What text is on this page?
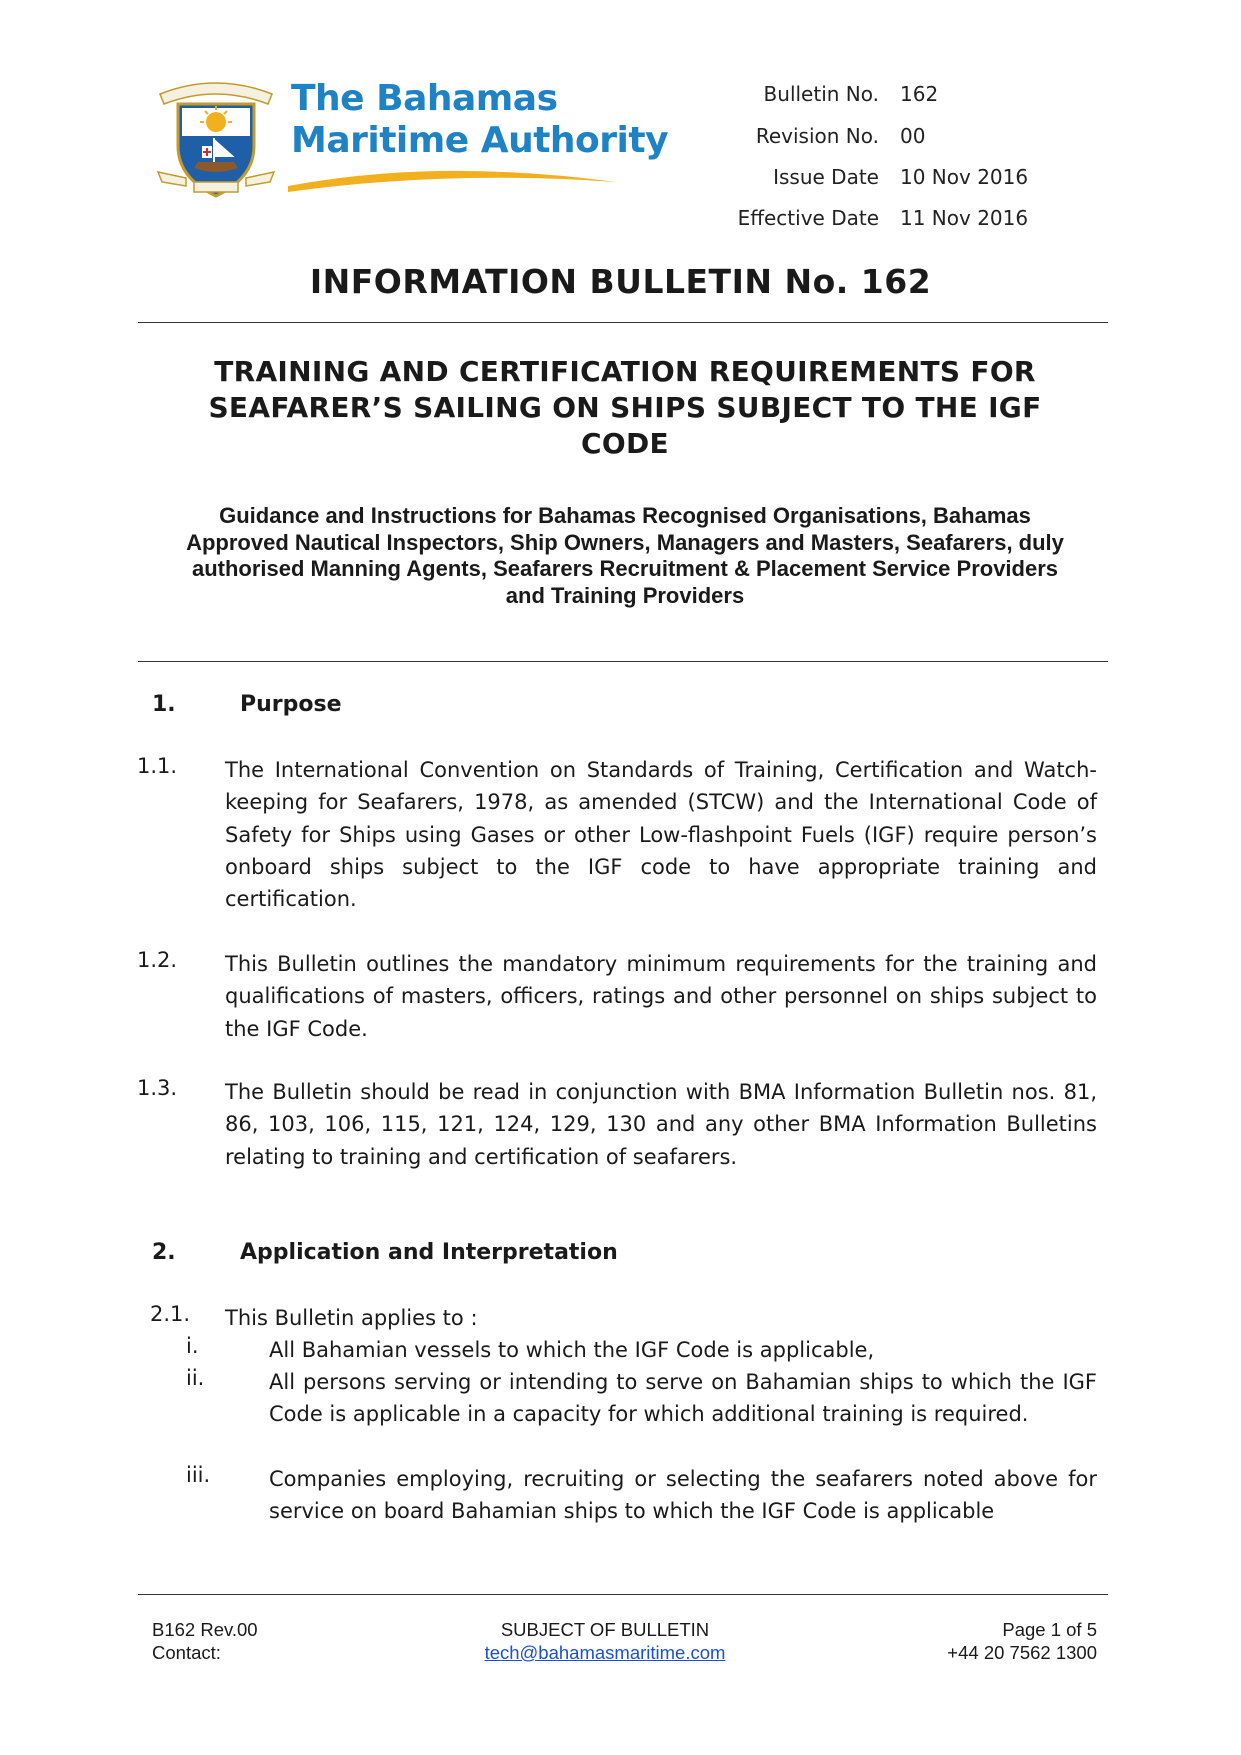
The Bahamas
Maritime Authority
Bulletin No. 162
Revision No. 00
Issue Date 10 Nov 2016
Effective Date 11 Nov 2016
INFORMATION BULLETIN No. 162
TRAINING AND CERTIFICATION REQUIREMENTS FOR
SEAFARER’S SAILING ON SHIPS SUBJECT TO THE IGF
CODE
Guidance and Instructions for Bahamas Recognised Organisations, Bahamas
Approved Nautical Inspectors, Ship Owners, Managers and Masters, Seafarers, duly
authorised Manning Agents, Seafarers Recruitment & Placement Service Providers
and Training Providers
1.	Purpose
1.1. The International Convention on Standards of Training, Certification and Watch-keeping for Seafarers, 1978, as amended (STCW) and the International Code of Safety for Ships using Gases or other Low-flashpoint Fuels (IGF) require person’s onboard ships subject to the IGF code to have appropriate training and certification.
1.2. This Bulletin outlines the mandatory minimum requirements for the training and qualifications of masters, officers, ratings and other personnel on ships subject to the IGF Code.
1.3. The Bulletin should be read in conjunction with BMA Information Bulletin nos. 81, 86, 103, 106, 115, 121, 124, 129, 130 and any other BMA Information Bulletins relating to training and certification of seafarers.
2.	Application and Interpretation
2.1. This Bulletin applies to :
i.	All Bahamian vessels to which the IGF Code is applicable,
ii.	All persons serving or intending to serve on Bahamian ships to which the IGF Code is applicable in a capacity for which additional training is required.
iii.	Companies employing, recruiting or selecting the seafarers noted above for service on board Bahamian ships to which the IGF Code is applicable
B162 Rev.00
Contact:
SUBJECT OF BULLETIN
tech@bahamasmaritime.com
Page 1 of 5
+44 20 7562 1300
